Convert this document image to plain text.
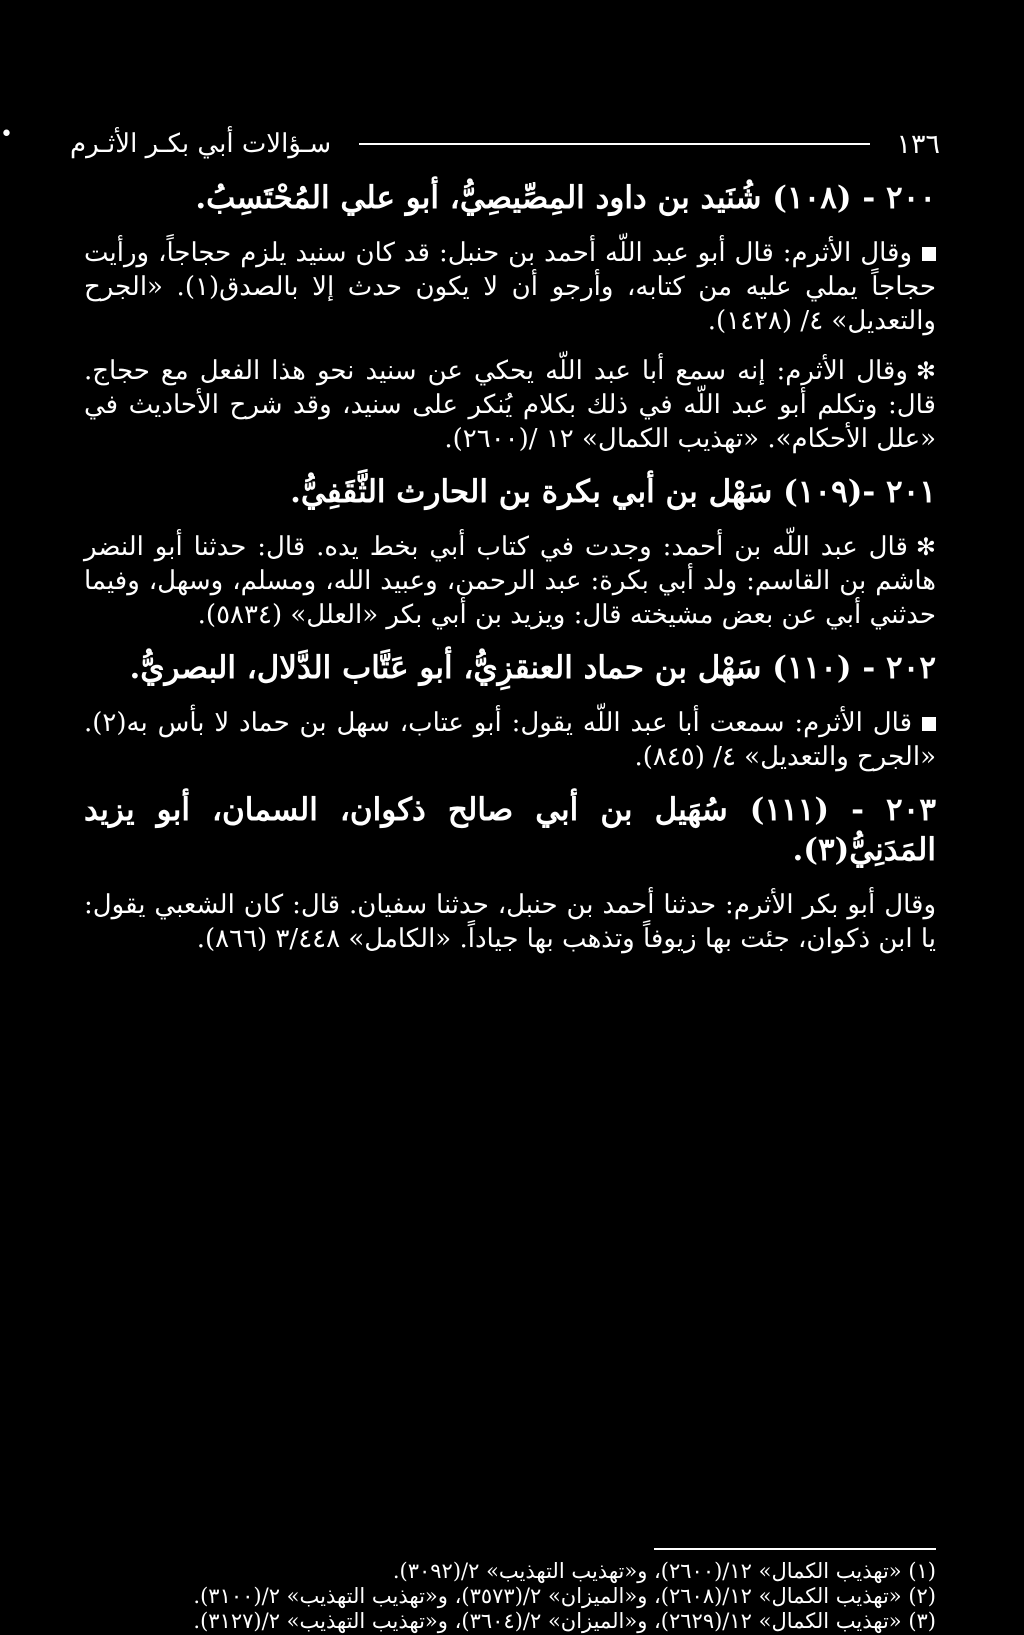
•	١٣٦
سـؤالات أبي بكـر الأثـرم
٢٠٠ - (١٠٨) شُنَيد بن داود المِصِّيصِيُّ، أبو علي المُحْتَسِبُ.

وقال الأثرم: قال أبو عبد اللّه أحمد بن حنبل: قد كان سنيد يلزم حجاجاً، ورأيت حجاجاً يملي عليه من كتابه، وأرجو أن لا يكون حدث إلا بالصدق(١). «الجرح والتعديل» ٤/ (١٤٢٨).

✻وقال الأثرم: إنه سمع أبا عبد اللّه يحكي عن سنيد نحو هذا الفعل مع حجاج. قال: وتكلم أبو عبد اللّه في ذلك بكلام يُنكر على سنيد، وقد شرح الأحاديث في «علل الأحكام». «تهذيب الكمال» ١٢ /(٢٦٠٠).

٢٠١ -(١٠٩) سَهْل بن أبي بكرة بن الحارث الثَّقَفِيُّ.

✻قال عبد اللّه بن أحمد: وجدت في كتاب أبي بخط يده. قال: حدثنا أبو النضر هاشم بن القاسم: ولد أبي بكرة: عبد الرحمن، وعبيد الله، ومسلم، وسهل، وفيما حدثني أبي عن بعض مشيخته قال: ويزيد بن أبي بكر «العلل» (٥٨٣٤).

٢٠٢ - (١١٠) سَهْل بن حماد العنقزِيُّ، أبو عَتَّاب الدَّلال، البصريُّ.

قال الأثرم: سمعت أبا عبد اللّه يقول: أبو عتاب، سهل بن حماد لا بأس به(٢). «الجرح والتعديل» ٤/ (٨٤٥).

٢٠٣ - (١١١) سُهَيل بن أبي صالح ذكوان، السمان، أبو يزيد المَدَنِيُّ(٣).

وقال أبو بكر الأثرم: حدثنا أحمد بن حنبل، حدثنا سفيان. قال: كان الشعبي يقول: يا ابن ذكوان، جئت بها زيوفاً وتذهب بها جياداً. «الكامل» ٣/٤٤٨ (٨٦٦).

(١) «تهذيب الكمال» ١٢/(٢٦٠٠)، و«تهذيب التهذيب» ٢/(٣٠٩٢).
(٢) «تهذيب الكمال» ١٢/(٢٦٠٨)، و«الميزان» ٢/(٣٥٧٣)، و«تهذيب التهذيب» ٢/(٣١٠٠).
(٣) «تهذيب الكمال» ١٢/(٢٦٢٩)، و«الميزان» ٢/(٣٦٠٤)، و«تهذيب التهذيب» ٢/(٣١٢٧).
